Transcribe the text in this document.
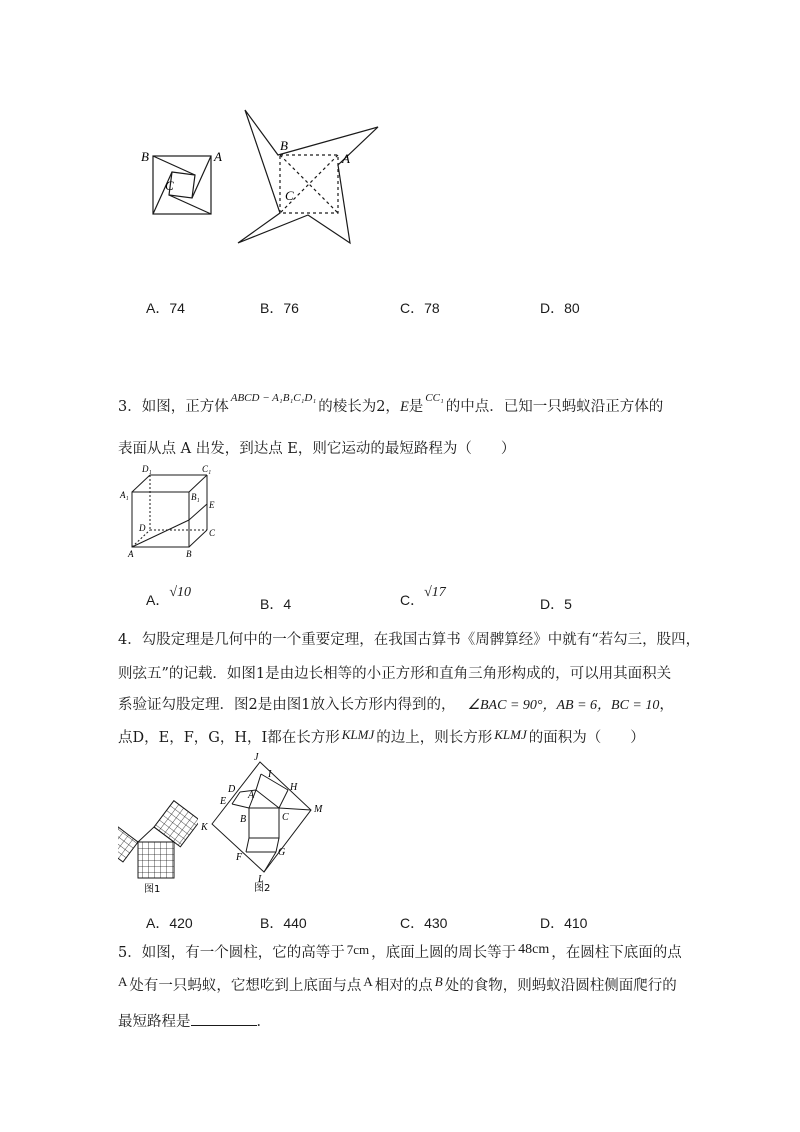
B	A
C
B
A
C
A．74	B．76	C．78	D．80
3．如图，正方体$^{ABCD - A_1B_1C_1D_1}$的棱长为2，E是$^{CC_1}$的中点．已知一只蚂蚁沿正方体的
表面从点 A 出发，到达点 E，则它运动的最短路程为（　　）
D₁	C₁
A₁	B₁
E
D	C
A	B
A．√10
B．4	C．√17
D．5
4．勾股定理是几何中的一个重要定理，在我国古算书《周髀算经》中就有“若勾三，股四，
则弦五”的记载．如图1是由边长相等的小正方形和直角三角形构成的，可以用其面积关
系验证勾股定理．图2是由图1放入长方形内得到的， ∠BAC = 90°，AB = 6，BC = 10，
点D，E，F，G，H，I都在长方形 KLMJ 的边上，则长方形 KLMJ 的面积为（　　）
图1
J
I
D
A
H
E
M
B	C
K
F	G
L
图2
A．420	B．440	C．430	D．410
5．如图，有一个圆柱，它的高等于 7cm ，底面上圆的周长等于 48cm ，在圆柱下底面的点
A 处有一只蚂蚁，它想吃到上底面与点 A 相对的点 B 处的食物，则蚂蚁沿圆柱侧面爬行的
最短路程是	．
